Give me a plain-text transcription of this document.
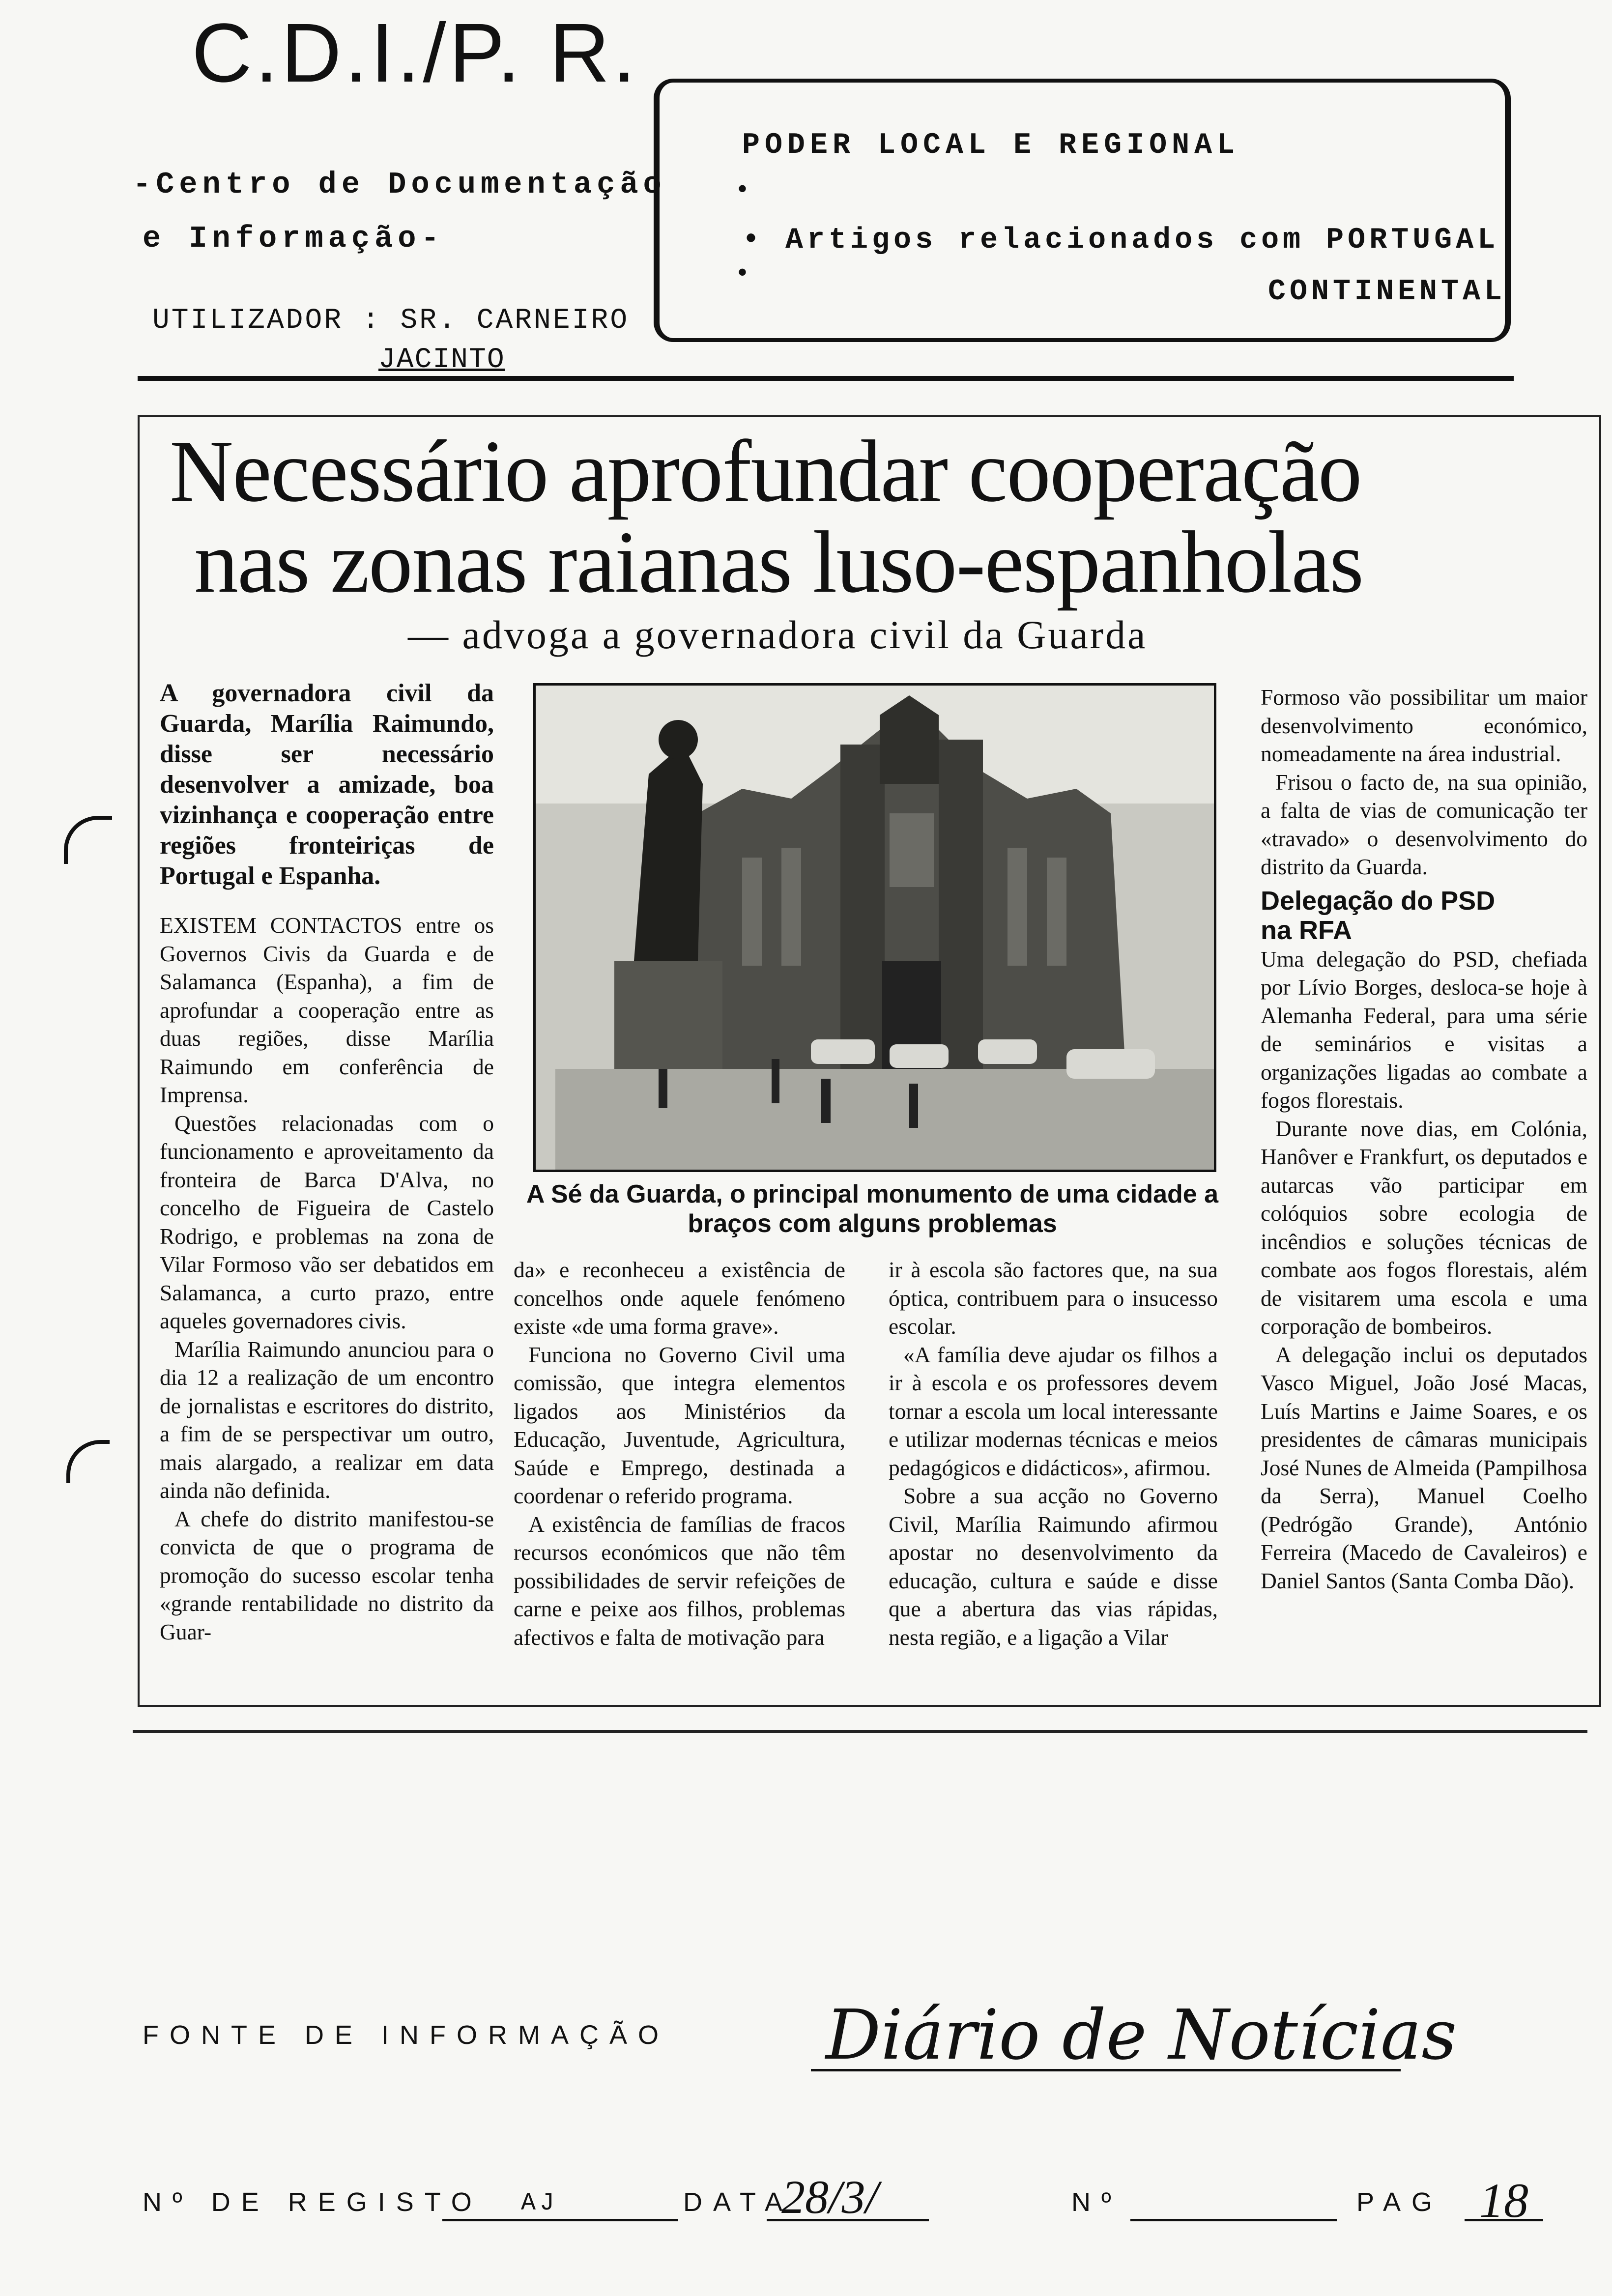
C.D.I./P. R.
-Centro de Documentação
e Informação-
UTILIZADOR : SR. CARNEIRO
JACINTO
PODER LOCAL E REGIONAL
•
•
• Artigos relacionados com PORTUGAL
CONTINENTAL
Necessário aprofundar cooperação
nas zonas raianas luso-espanholas
— advoga a governadora civil da Guarda

A governadora civil da Guarda, Marília Raimundo, disse ser necessário desenvolver a amizade, boa vizinhança e cooperação entre regiões fronteiriças de Portugal e Espanha.

EXISTEM CONTACTOS entre os Governos Civis da Guarda e de Salamanca (Espanha), a fim de aprofundar a cooperação entre as duas regiões, disse Marília Raimundo em conferência de Imprensa.

Questões relacionadas com o funcionamento e aproveitamento da fronteira de Barca D'Alva, no concelho de Figueira de Castelo Rodrigo, e problemas na zona de Vilar Formoso vão ser debatidos em Salamanca, a curto prazo, entre aqueles governadores civis.

Marília Raimundo anunciou para o dia 12 a realização de um encontro de jornalistas e escritores do distrito, a fim de se perspectivar um outro, mais alargado, a realizar em data ainda não definida.

A chefe do distrito manifestou-se convicta de que o programa de promoção do sucesso escolar tenha «grande rentabilidade no distrito da Guar-

A Sé da Guarda, o principal monumento de uma cidade a braços com alguns problemas

da» e reconheceu a existência de concelhos onde aquele fenómeno existe «de uma forma grave».

Funciona no Governo Civil uma comissão, que integra elementos ligados aos Ministérios da Educação, Juventude, Agricultura, Saúde e Emprego, destinada a coordenar o referido programa.

A existência de famílias de fracos recursos económicos que não têm possibilidades de servir refeições de carne e peixe aos filhos, problemas afectivos e falta de motivação para

ir à escola são factores que, na sua óptica, contribuem para o insucesso escolar.

«A família deve ajudar os filhos a ir à escola e os professores devem tornar a escola um local interessante e utilizar modernas técnicas e meios pedagógicos e didácticos», afirmou.

Sobre a sua acção no Governo Civil, Marília Raimundo afirmou apostar no desenvolvimento da educação, cultura e saúde e disse que a abertura das vias rápidas, nesta região, e a ligação a Vilar

Formoso vão possibilitar um maior desenvolvimento económico, nomeadamente na área industrial.

Frisou o facto de, na sua opinião, a falta de vias de comunicação ter «travado» o desenvolvimento do distrito da Guarda.

Delegação do PSD

na RFA

Uma delegação do PSD, chefiada por Lívio Borges, desloca-se hoje à Alemanha Federal, para uma série de seminários e visitas a organizações ligadas ao combate a fogos florestais.

Durante nove dias, em Colónia, Hanôver e Frankfurt, os deputados e autarcas vão participar em colóquios sobre ecologia de incêndios e soluções técnicas de combate aos fogos florestais, além de visitarem uma escola e uma corporação de bombeiros.

A delegação inclui os deputados Vasco Miguel, João José Macas, Luís Martins e Jaime Soares, e os presidentes de câmaras municipais José Nunes de Almeida (Pampilhosa da Serra), Manuel Coelho (Pedrógão Grande), António Ferreira (Macedo de Cavaleiros) e Daniel Santos (Santa Comba Dão).

FONTE DE INFORMAÇÃO Diário de Notícias
Nº DE REGISTO AJ	DATA
28/3/	Nº	PAG 18
